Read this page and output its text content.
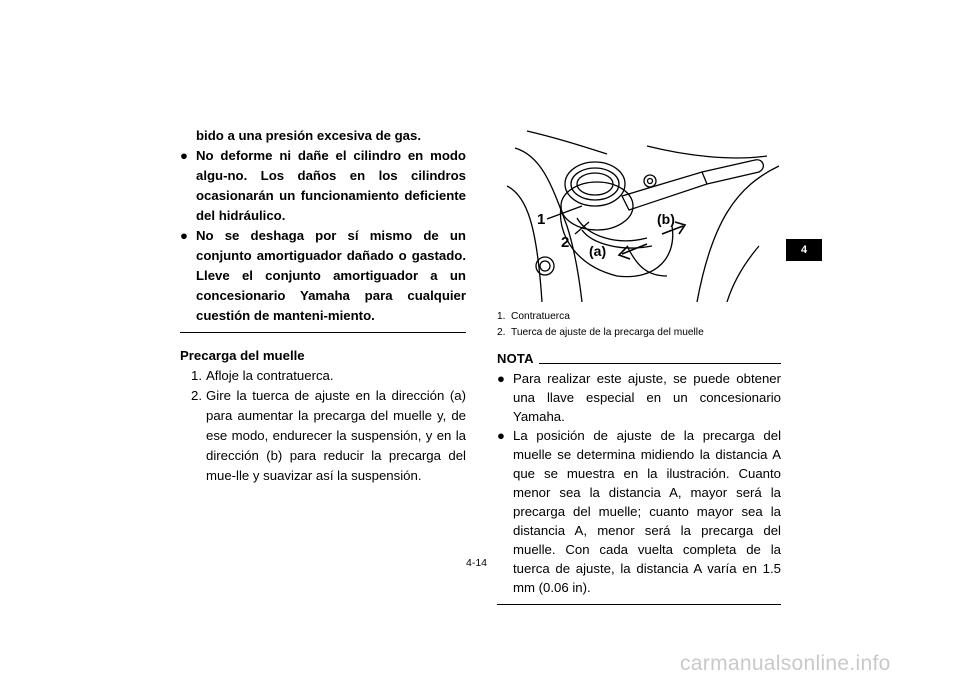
bido a una presión excesiva de gas.
● No deforme ni dañe el cilindro en modo algu-no. Los daños en los cilindros ocasionarán un funcionamiento deficiente del hidráulico.
● No se deshaga por sí mismo de un conjunto amortiguador dañado o gastado. Lleve el conjunto amortiguador a un concesionario Yamaha para cualquier cuestión de manteni-miento.
Precarga del muelle
1. Afloje la contratuerca.
2. Gire la tuerca de ajuste en la dirección (a) para aumentar la precarga del muelle y, de ese modo, endurecer la suspensión, y en la dirección (b) para reducir la precarga del mue-lle y suavizar así la suspensión.
1
2 (a)
(b)
1. Contratuerca
2. Tuerca de ajuste de la precarga del muelle
NOTA
● Para realizar este ajuste, se puede obtener una llave especial en un concesionario Yamaha.
● La posición de ajuste de la precarga del muelle se determina midiendo la distancia A que se muestra en la ilustración. Cuanto menor sea la distancia A, mayor será la precarga del muelle; cuanto mayor sea la distancia A, menor será la precarga del muelle. Con cada vuelta completa de la tuerca de ajuste, la distancia A varía en 1.5 mm (0.06 in).
4
4-14
carmanualsonline.info
